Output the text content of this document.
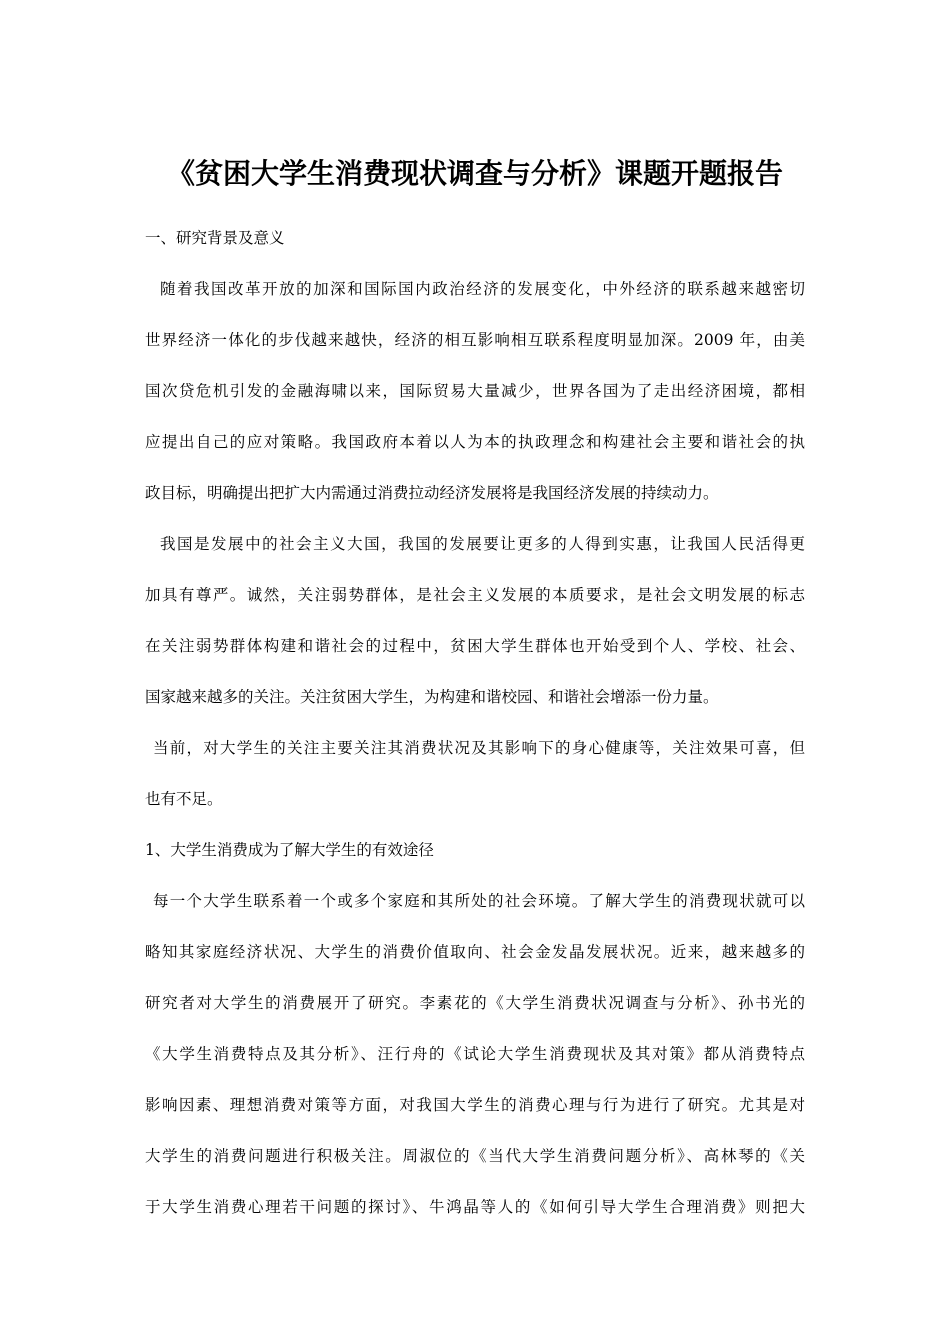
《贫困大学生消费现状调查与分析》课题开题报告
一、研究背景及意义
随着我国改革开放的加深和国际国内政治经济的发展变化，中外经济的联系越来越密切
世界经济一体化的步伐越来越快，经济的相互影响相互联系程度明显加深。2009 年，由美
国次贷危机引发的金融海啸以来，国际贸易大量减少，世界各国为了走出经济困境，都相
应提出自己的应对策略。我国政府本着以人为本的执政理念和构建社会主要和谐社会的执
政目标，明确提出把扩大内需通过消费拉动经济发展将是我国经济发展的持续动力。
我国是发展中的社会主义大国，我国的发展要让更多的人得到实惠，让我国人民活得更
加具有尊严。诚然，关注弱势群体，是社会主义发展的本质要求，是社会文明发展的标志
在关注弱势群体构建和谐社会的过程中，贫困大学生群体也开始受到个人、学校、社会、
国家越来越多的关注。关注贫困大学生，为构建和谐校园、和谐社会增添一份力量。
当前，对大学生的关注主要关注其消费状况及其影响下的身心健康等，关注效果可喜，但
也有不足。
1、大学生消费成为了解大学生的有效途径
每一个大学生联系着一个或多个家庭和其所处的社会环境。了解大学生的消费现状就可以
略知其家庭经济状况、大学生的消费价值取向、社会金发晶发展状况。近来，越来越多的
研究者对大学生的消费展开了研究。李素花的《大学生消费状况调查与分析》、孙书光的
《大学生消费特点及其分析》、汪行舟的《试论大学生消费现状及其对策》都从消费特点
影响因素、理想消费对策等方面，对我国大学生的消费心理与行为进行了研究。尤其是对
大学生的消费问题进行积极关注。周淑位的《当代大学生消费问题分析》、高林琴的《关
于大学生消费心理若干问题的探讨》、牛鸿晶等人的《如何引导大学生合理消费》则把大
